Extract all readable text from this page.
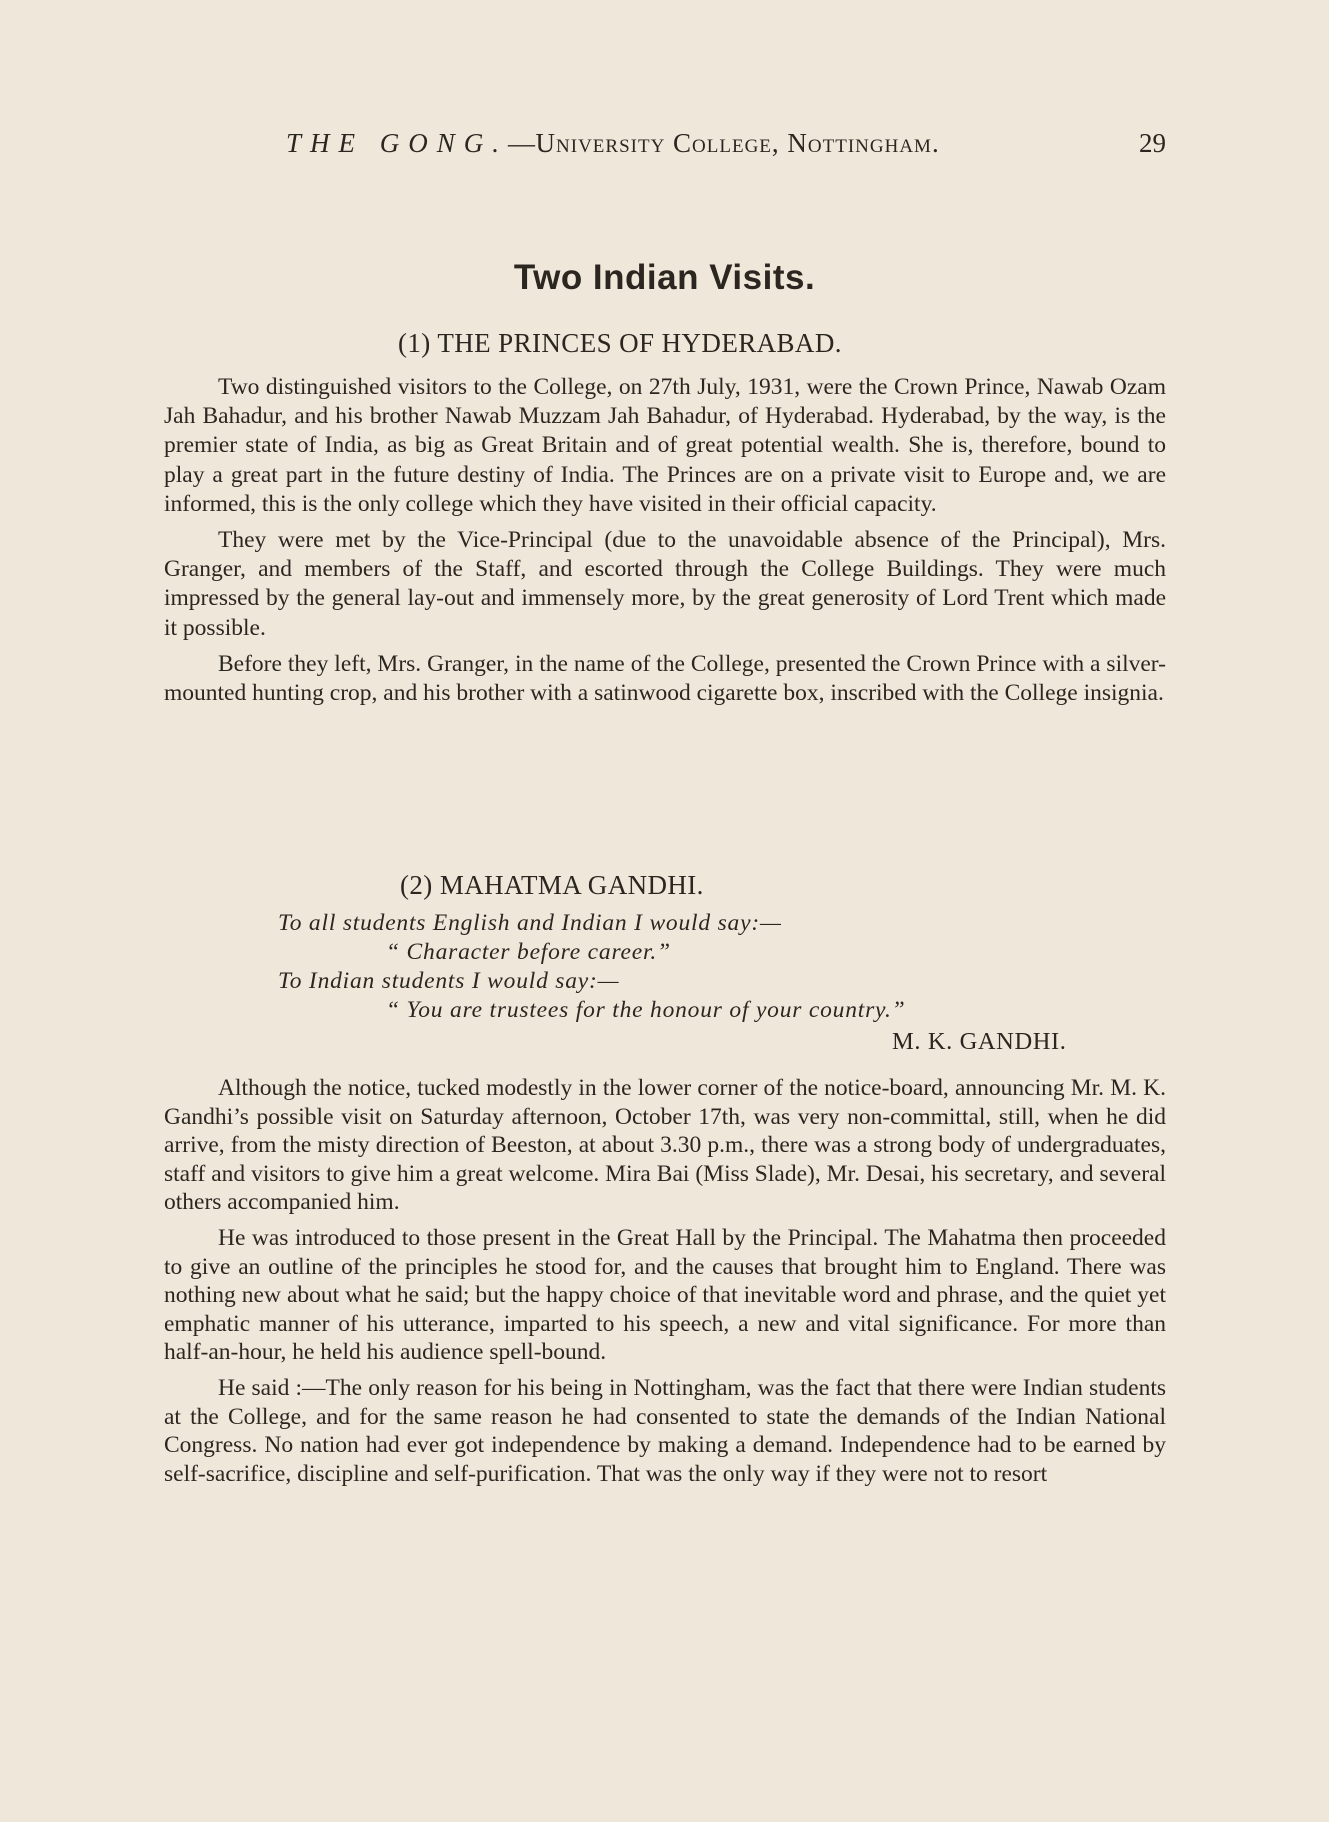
THE GONG.—University College, Nottingham.	29
Two Indian Visits.
(1) THE PRINCES OF HYDERABAD.

Two distinguished visitors to the College, on 27th July, 1931, were the Crown Prince, Nawab Ozam Jah Bahadur, and his brother Nawab Muzzam Jah Bahadur, of Hyderabad. Hyderabad, by the way, is the premier state of India, as big as Great Britain and of great potential wealth. She is, therefore, bound to play a great part in the future destiny of India. The Princes are on a private visit to Europe and, we are informed, this is the only college which they have visited in their official capacity.

They were met by the Vice-Principal (due to the unavoidable absence of the Principal), Mrs. Granger, and members of the Staff, and escorted through the College Buildings. They were much impressed by the general lay-out and immensely more, by the great generosity of Lord Trent which made it possible.

Before they left, Mrs. Granger, in the name of the College, presented the Crown Prince with a silver-mounted hunting crop, and his brother with a satinwood cigarette box, inscribed with the College insignia.

(2) MAHATMA GANDHI.
To all students English and Indian I would say:—
“ Character before career.”
To Indian students I would say:—
“ You are trustees for the honour of your country.”
M. K. GANDHI.

Although the notice, tucked modestly in the lower corner of the notice-board, announcing Mr. M. K. Gandhi’s possible visit on Saturday afternoon, October 17th, was very non-committal, still, when he did arrive, from the misty direction of Beeston, at about 3.30 p.m., there was a strong body of undergraduates, staff and visitors to give him a great welcome. Mira Bai (Miss Slade), Mr. Desai, his secretary, and several others accompanied him.

He was introduced to those present in the Great Hall by the Principal. The Mahatma then proceeded to give an outline of the principles he stood for, and the causes that brought him to England. There was nothing new about what he said; but the happy choice of that inevitable word and phrase, and the quiet yet emphatic manner of his utterance, imparted to his speech, a new and vital significance. For more than half-an-hour, he held his audience spell-bound.

He said :—The only reason for his being in Nottingham, was the fact that there were Indian students at the College, and for the same reason he had consented to state the demands of the Indian National Congress. No nation had ever got independence by making a demand. Independence had to be earned by self-sacrifice, discipline and self-purification. That was the only way if they were not to resort
